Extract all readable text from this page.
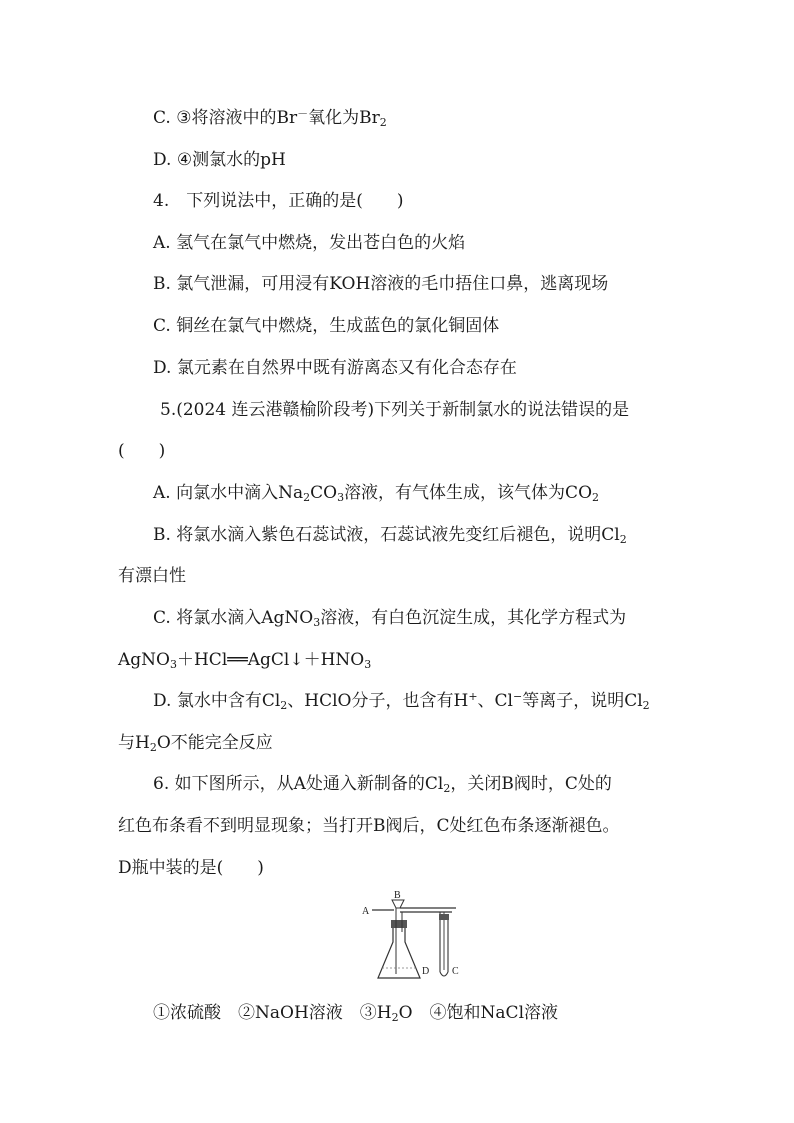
C. ③将溶液中的Br－氧化为$Br_2$
D. ④测氯水的pH
4.　下列说法中，正确的是(　　)
A. 氢气在氯气中燃烧，发出苍白色的火焰
B. 氯气泄漏，可用浸有KOH溶液的毛巾捂住口鼻，逃离现场
C. 铜丝在氯气中燃烧，生成蓝色的氯化铜固体
D. 氯元素在自然界中既有游离态又有化合态存在
5.(2024 连云港赣榆阶段考)下列关于新制氯水的说法错误的是
(　　)
A. 向氯水中滴入$Na_2CO_3$溶液，有气体生成，该气体为$CO_2$
B. 将氯水滴入紫色石蕊试液，石蕊试液先变红后褪色，说明$Cl_2$
有漂白性
C. 将氯水滴入AgNO$_3$溶液，有白色沉淀生成，其化学方程式为
$AgNO_3+HCl══AgCl↓+HNO_3$
D. 氯水中含有$Cl_2$、HClO分子，也含有H+、Cl−等离子，说明$Cl_2$
与$H_2O$不能完全反应
6. 如下图所示，从A处通入新制备的$Cl_2$，关闭B阀时，C处的
红色布条看不到明显现象；当打开B阀后，C处红色布条逐渐褪色。
D瓶中装的是(　　)
A
B
D C
①浓硫酸　②NaOH溶液　$③H_2O$　④饱和NaCl溶液
